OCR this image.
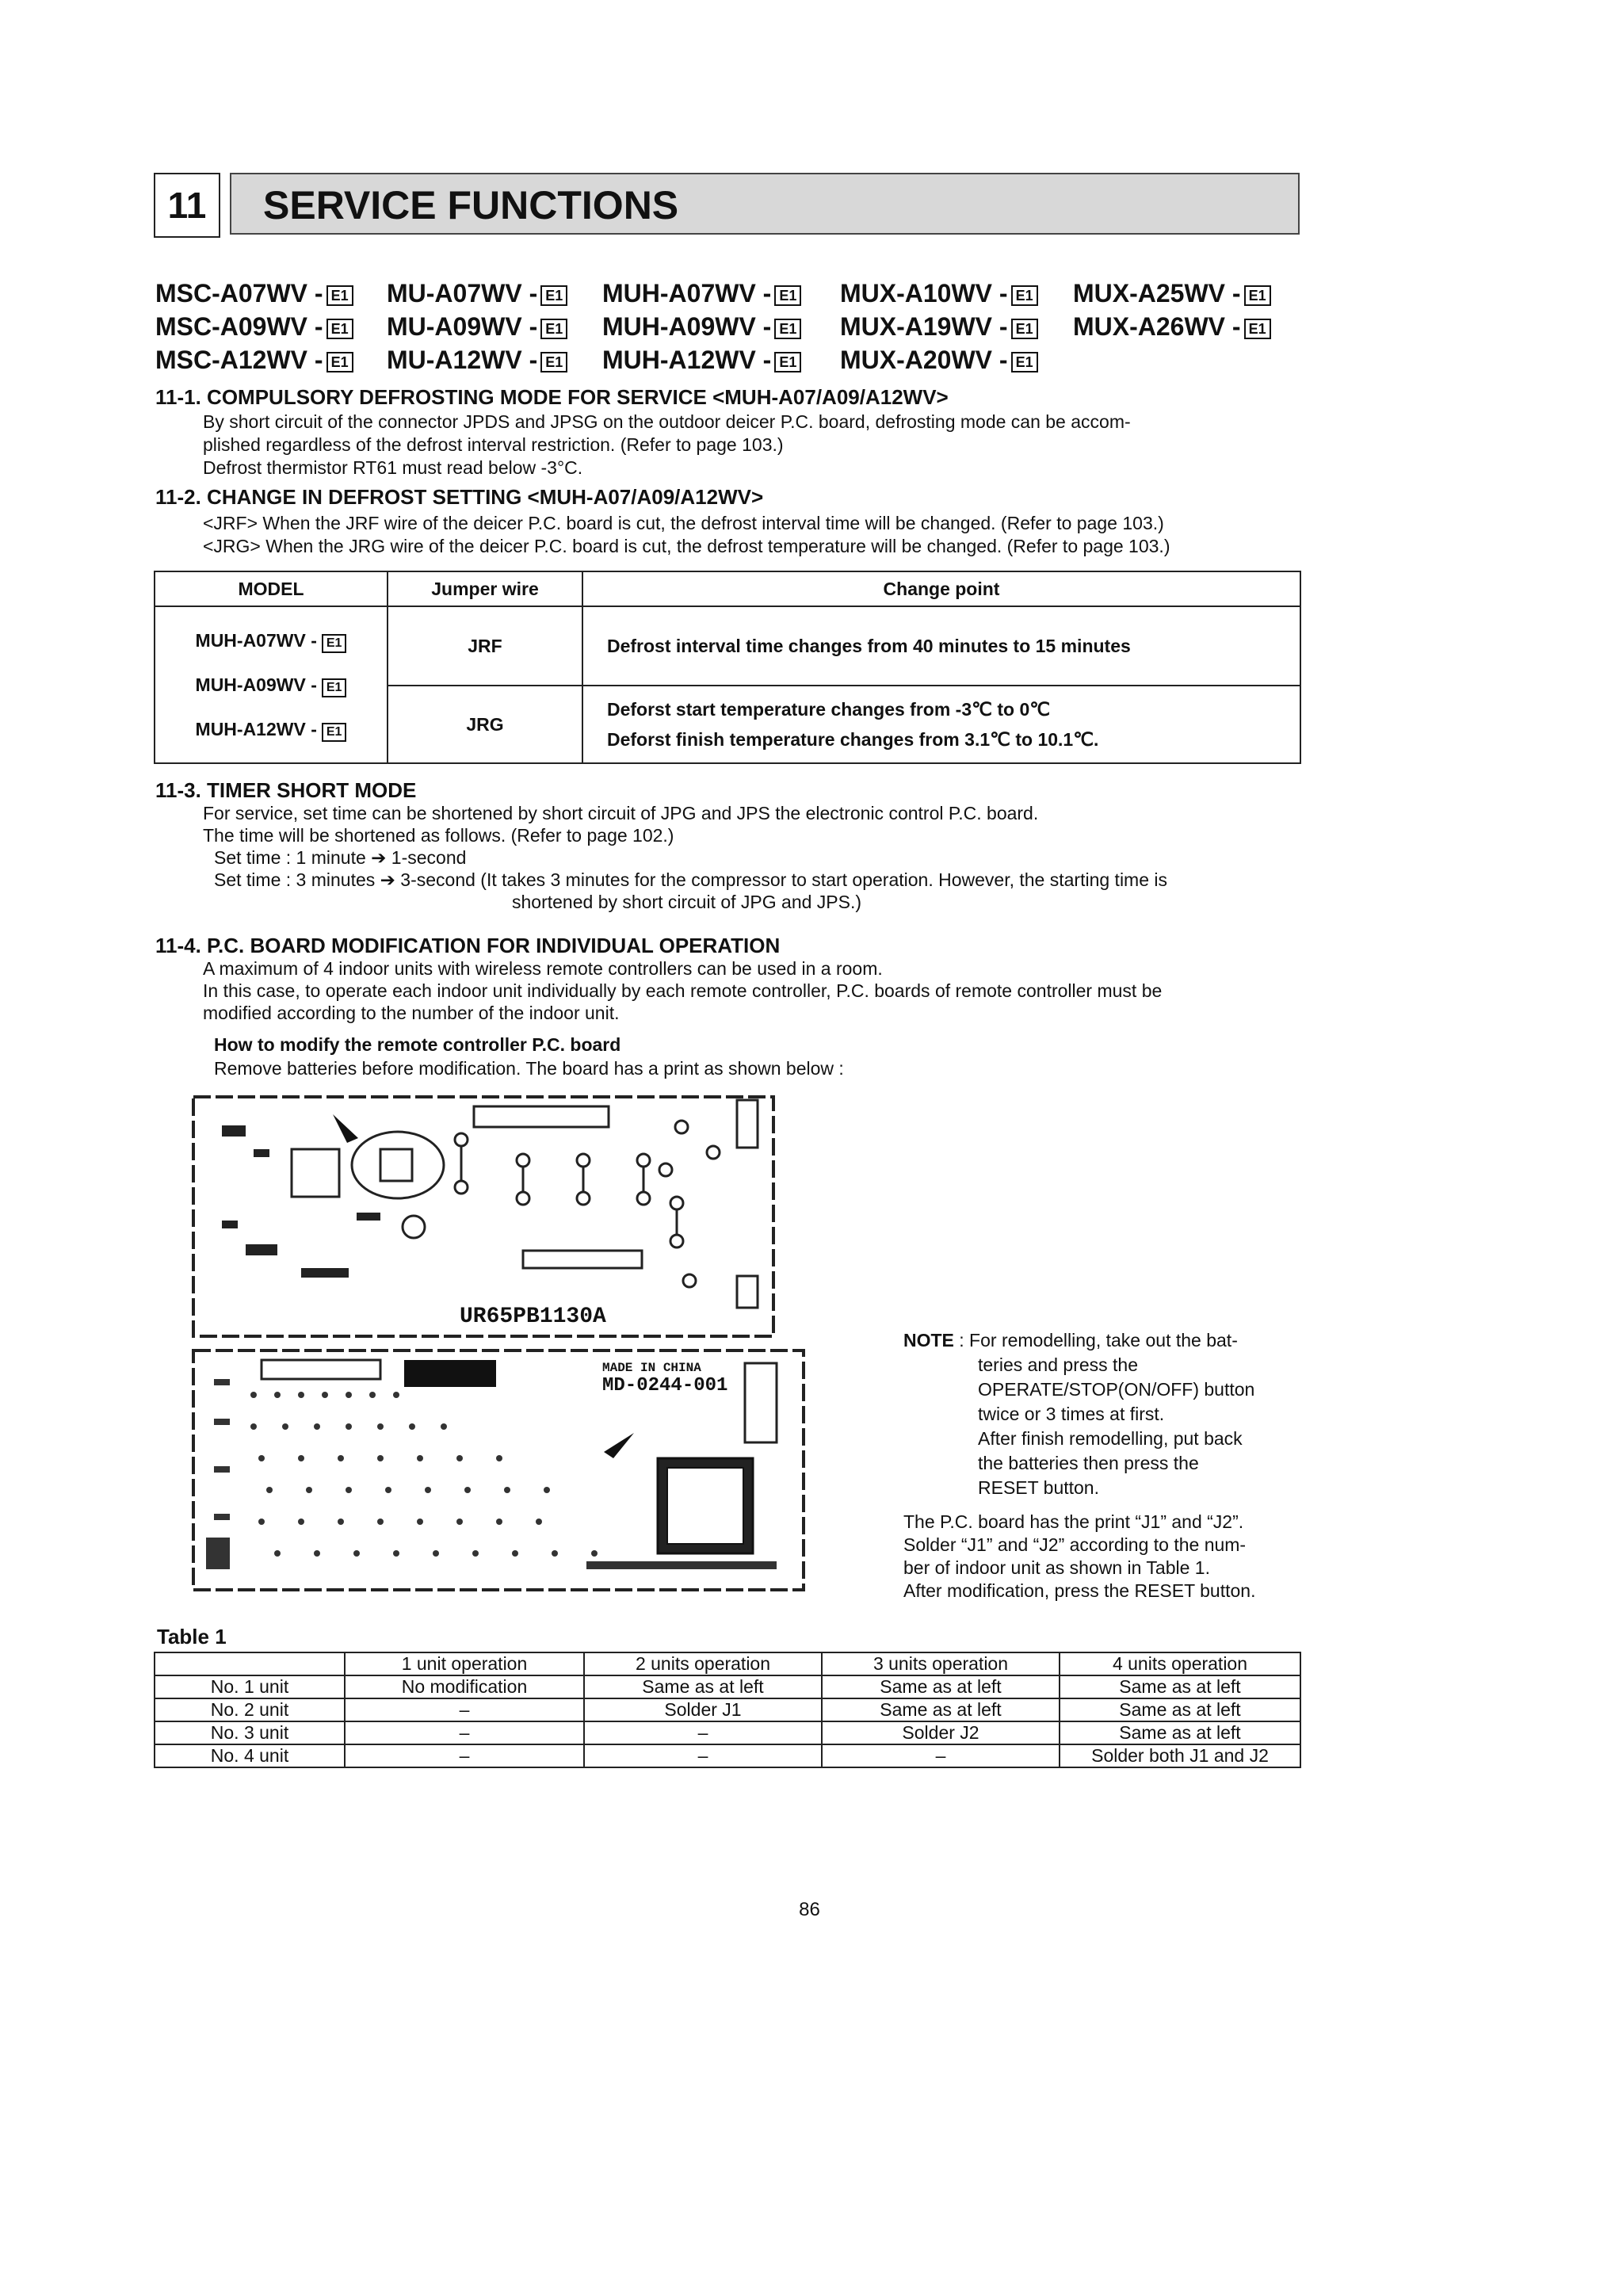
11	SERVICE FUNCTIONS
MSC-A07WV - E1 MU-A07WV - E1 MUH-A07WV - E1 MUX-A10WV - E1 MUX-A25WV - E1
MSC-A09WV - E1 MU-A09WV - E1 MUH-A09WV - E1 MUX-A19WV - E1 MUX-A26WV - E1
MSC-A12WV - E1 MU-A12WV - E1 MUH-A12WV - E1 MUX-A20WV - E1
11-1. COMPULSORY DEFROSTING MODE FOR SERVICE <MUH-A07/A09/A12WV>
By short circuit of the connector JPDS and JPSG on the outdoor deicer P.C. board, defrosting mode can be accom-
plished regardless of the defrost interval restriction. (Refer to page 103.)
Defrost thermistor RT61 must read below -3°C.
11-2. CHANGE IN DEFROST SETTING <MUH-A07/A09/A12WV>
<JRF> When the JRF wire of the deicer P.C. board is cut, the defrost interval time will be changed. (Refer to page 103.)
<JRG> When the JRG wire of the deicer P.C. board is cut, the defrost temperature will be changed. (Refer to page 103.)
MODEL	Jumper wire	Change point

MUH-A07WV - E1
MUH-A09WV - E1
MUH-A12WV - E1	JRF	Defrost interval time changes from 40 minutes to 15 minutes
	JRG	Deforst start temperature changes from -3℃ to 0℃
Deforst finish temperature changes from 3.1℃ to 10.1℃.
11-3. TIMER SHORT MODE
For service, set time can be shortened by short circuit of JPG and JPS the electronic control P.C. board.
The time will be shortened as follows. (Refer to page 102.)
Set time : 1 minute ➔ 1-second
Set time : 3 minutes ➔ 3-second (It takes 3 minutes for the compressor to start operation. However, the starting time is
shortened by short circuit of JPG and JPS.)
11-4. P.C. BOARD MODIFICATION FOR INDIVIDUAL OPERATION
A maximum of 4 indoor units with wireless remote controllers can be used in a room.
In this case, to operate each indoor unit individually by each remote controller, P.C. boards of remote controller must be
modified according to the number of the indoor unit.
How to modify the remote controller P.C. board
Remove batteries before modification. The board has a print as shown below :
UR65PB1130A
MADE IN CHINA
MD-0244-001
NOTE : For remodelling, take out the bat-
teries and press the
OPERATE/STOP(ON/OFF) button
twice or 3 times at first.
After finish remodelling, put back
the batteries then press the
RESET button.
The P.C. board has the print “J1” and “J2”.
Solder “J1” and “J2” according to the num-
ber of indoor unit as shown in Table 1.
After modification, press the RESET button.
Table 1
	1 unit operation	2 units operation	3 units operation	4 units operation
No. 1 unit	No modification	Same as at left	Same as at left	Same as at left
No. 2 unit	–	Solder J1	Same as at left	Same as at left
No. 3 unit	–	–	Solder J2	Same as at left
No. 4 unit	–	–	–	Solder both J1 and J2
86
